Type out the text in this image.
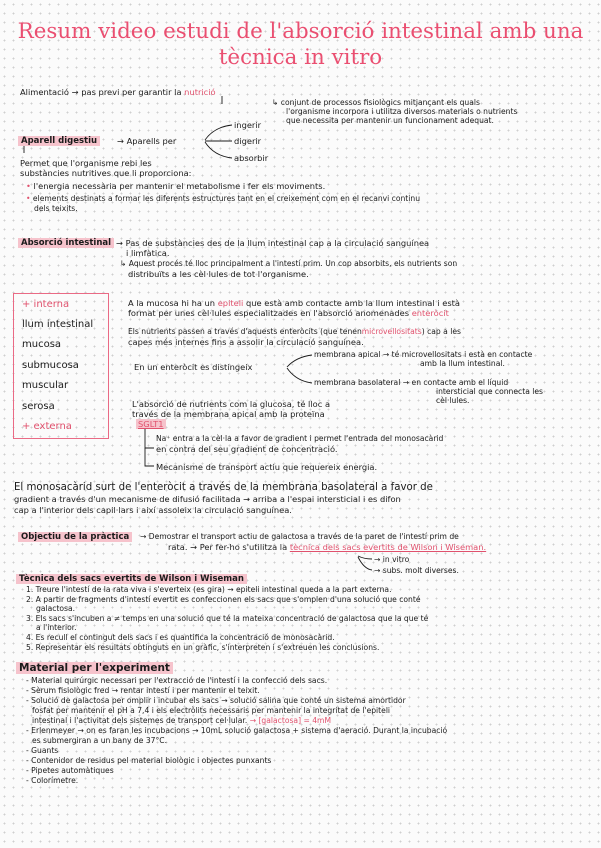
Resum video estudi de l'absorció intestinal amb una
tècnica in vitro
Alimentació → pas previ per garantir la nutrició
↳ conjunt de processos fisiològics mitjançant els quals
l'organisme incorpora i utilitza diversos materials o nutrients
que necessita per mantenir un funcionament adequat.
Aparell digestiu	→ Aparells per
ingerir
digerir
absorbir
Permet que l'organisme rebi les
substàncies nutritives que li proporciona:
• l'energia necessària per mantenir el metabolisme i fer els moviments.
• elements destinats a formar les diferents estructures tant en el creixement com en el recanvi continu
dels teixits.
Absorció intestinal → Pas de substàncies des de la llum intestinal cap a la circulació sanguínea
i limfàtica.
↳ Aquest procés té lloc principalment a l'intestí prim. Un cop absorbits, els nutrients son
distribuïts a les cèl·lules de tot l'organisme.
+ interna
llum intestinal
mucosa
submucosa
muscular
serosa
+ externa
A la mucosa hi ha un epiteli que està amb contacte amb la llum intestinal i està
format per unes cèl·lules especialitzades en l'absorció anomenades enteròcit
Els nutrients passen a través d'aquests enteròcits (que tenenmicrovellositats) cap a les
capes més internes fins a assolir la circulació sanguínea.
En un enteròcit es distingeix
membrana apical → té microvellositats i està en contacte
amb la llum intestinal.
membrana basolateral → en contacte amb el líquid
intersticial que connecta les
cèl·lules.
L'absorció de nutrients com la glucosa, té lloc a
través de la membrana apical amb la proteïna
SGLT1
Na⁺ entra a la cèl·la a favor de gradient i permet l'entrada del monosacàrid
en contra del seu gradient de concentració.
Mecanisme de transport actiu que requereix energia.
El monosacàrid surt de l'enteròcit a través de la membrana basolateral a favor de
gradient a través d'un mecanisme de difusió facilitada → arriba a l'espai intersticial i es difon
cap a l'interior dels capil·lars i així assoleix la circulació sanguínea.
Objectiu de la pràctica	→ Demostrar el transport actiu de galactosa a través de la paret de l'intestí prim de
rata. → Per fer-ho s'utilitza la tècnica dels sacs evertits de Wilson i Wiseman.
→ in vitro
→ subs. molt diverses.
Tècnica dels sacs evertits de Wilson i Wiseman
1. Treure l'intestí de la rata viva i s'everteix (es gira) → epiteli intestinal queda a la part externa.
2. A partir de fragments d'intestí evertit es confeccionen els sacs que s'omplen d'una solució que conté
galactosa.
3. Els sacs s'incuben a ≠ temps en una solució que té la mateixa concentració de galactosa que la que té
a l'interior.
4. Es recull el contingut dels sacs i es quantifica la concentració de monosacàrid.
5. Representar els resultats obtinguts en un gràfic, s'interpreten i s'extreuen les conclusions.
Material per l'experiment
- Material quirúrgic necessari per l'extracció de l'intestí i la confecció dels sacs.
- Sèrum fisiològic fred → rentar intestí i per mantenir el teixit.
- Solució de galactosa per omplir i incubar els sacs → solució salina que conté un sistema amortidor
fosfat per mantenir el pH a 7,4 i els electròlits necessaris per mantenir la integritat de l'epiteli
intestinal i l'activitat dels sistemes de transport cel·lular. → [galactosa] = 4mM
- Erlenmeyer → on es faran les incubacions → 10mL solució galactosa + sistema d'aeració. Durant la incubació
es submergiran a un bany de 37°C.
- Guants
- Contenidor de residus pel material biològic i objectes punxants
- Pipetes automàtiques
- Colorímetre.
